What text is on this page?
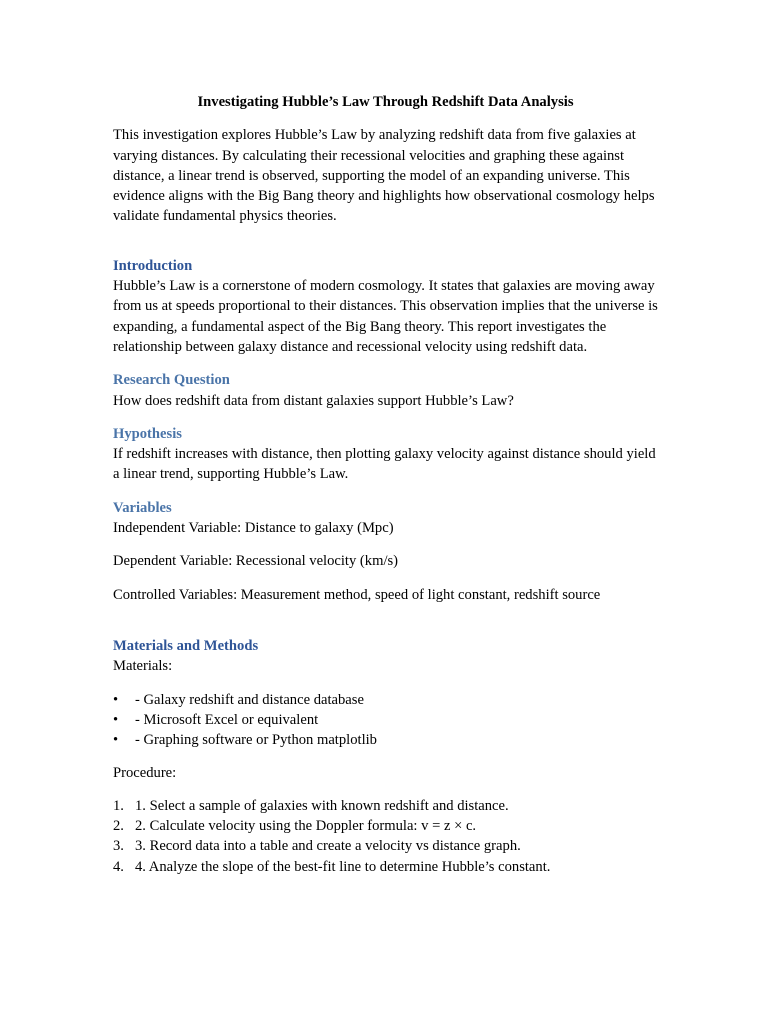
Investigating Hubble’s Law Through Redshift Data Analysis

This investigation explores Hubble’s Law by analyzing redshift data from five galaxies at varying distances. By calculating their recessional velocities and graphing these against distance, a linear trend is observed, supporting the model of an expanding universe. This evidence aligns with the Big Bang theory and highlights how observational cosmology helps validate fundamental physics theories.

Introduction

Hubble’s Law is a cornerstone of modern cosmology. It states that galaxies are moving away from us at speeds proportional to their distances. This observation implies that the universe is expanding, a fundamental aspect of the Big Bang theory. This report investigates the relationship between galaxy distance and recessional velocity using redshift data.

Research Question

How does redshift data from distant galaxies support Hubble’s Law?

Hypothesis

If redshift increases with distance, then plotting galaxy velocity against distance should yield a linear trend, supporting Hubble’s Law.

Variables

Independent Variable: Distance to galaxy (Mpc)

Dependent Variable: Recessional velocity (km/s)

Controlled Variables: Measurement method, speed of light constant, redshift source

Materials and Methods

Materials:

• - Galaxy redshift and distance database
• - Microsoft Excel or equivalent
• - Graphing software or Python matplotlib

Procedure:

1. 1. Select a sample of galaxies with known redshift and distance.
2. 2. Calculate velocity using the Doppler formula: v = z × c.
3. 3. Record data into a table and create a velocity vs distance graph.
4. 4. Analyze the slope of the best-fit line to determine Hubble’s constant.
